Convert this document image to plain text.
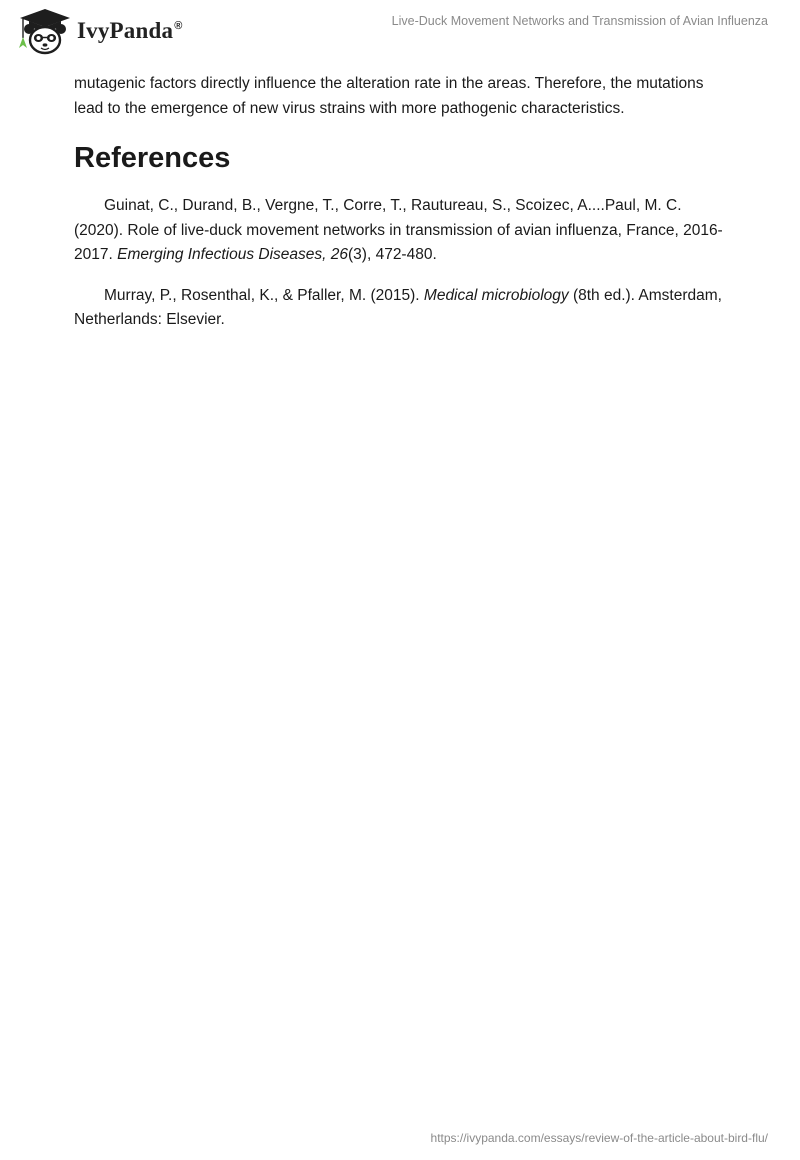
IvyPanda®	Live-Duck Movement Networks and Transmission of Avian Influenza

mutagenic factors directly influence the alteration rate in the areas. Therefore, the mutations lead to the emergence of new virus strains with more pathogenic characteristics.

References

Guinat, C., Durand, B., Vergne, T., Corre, T., Rautureau, S., Scoizec, A....Paul, M. C. (2020). Role of live-duck movement networks in transmission of avian influenza, France, 2016-2017. Emerging Infectious Diseases, 26(3), 472-480.

Murray, P., Rosenthal, K., & Pfaller, M. (2015). Medical microbiology (8th ed.). Amsterdam, Netherlands: Elsevier.

https://ivypanda.com/essays/review-of-the-article-about-bird-flu/
